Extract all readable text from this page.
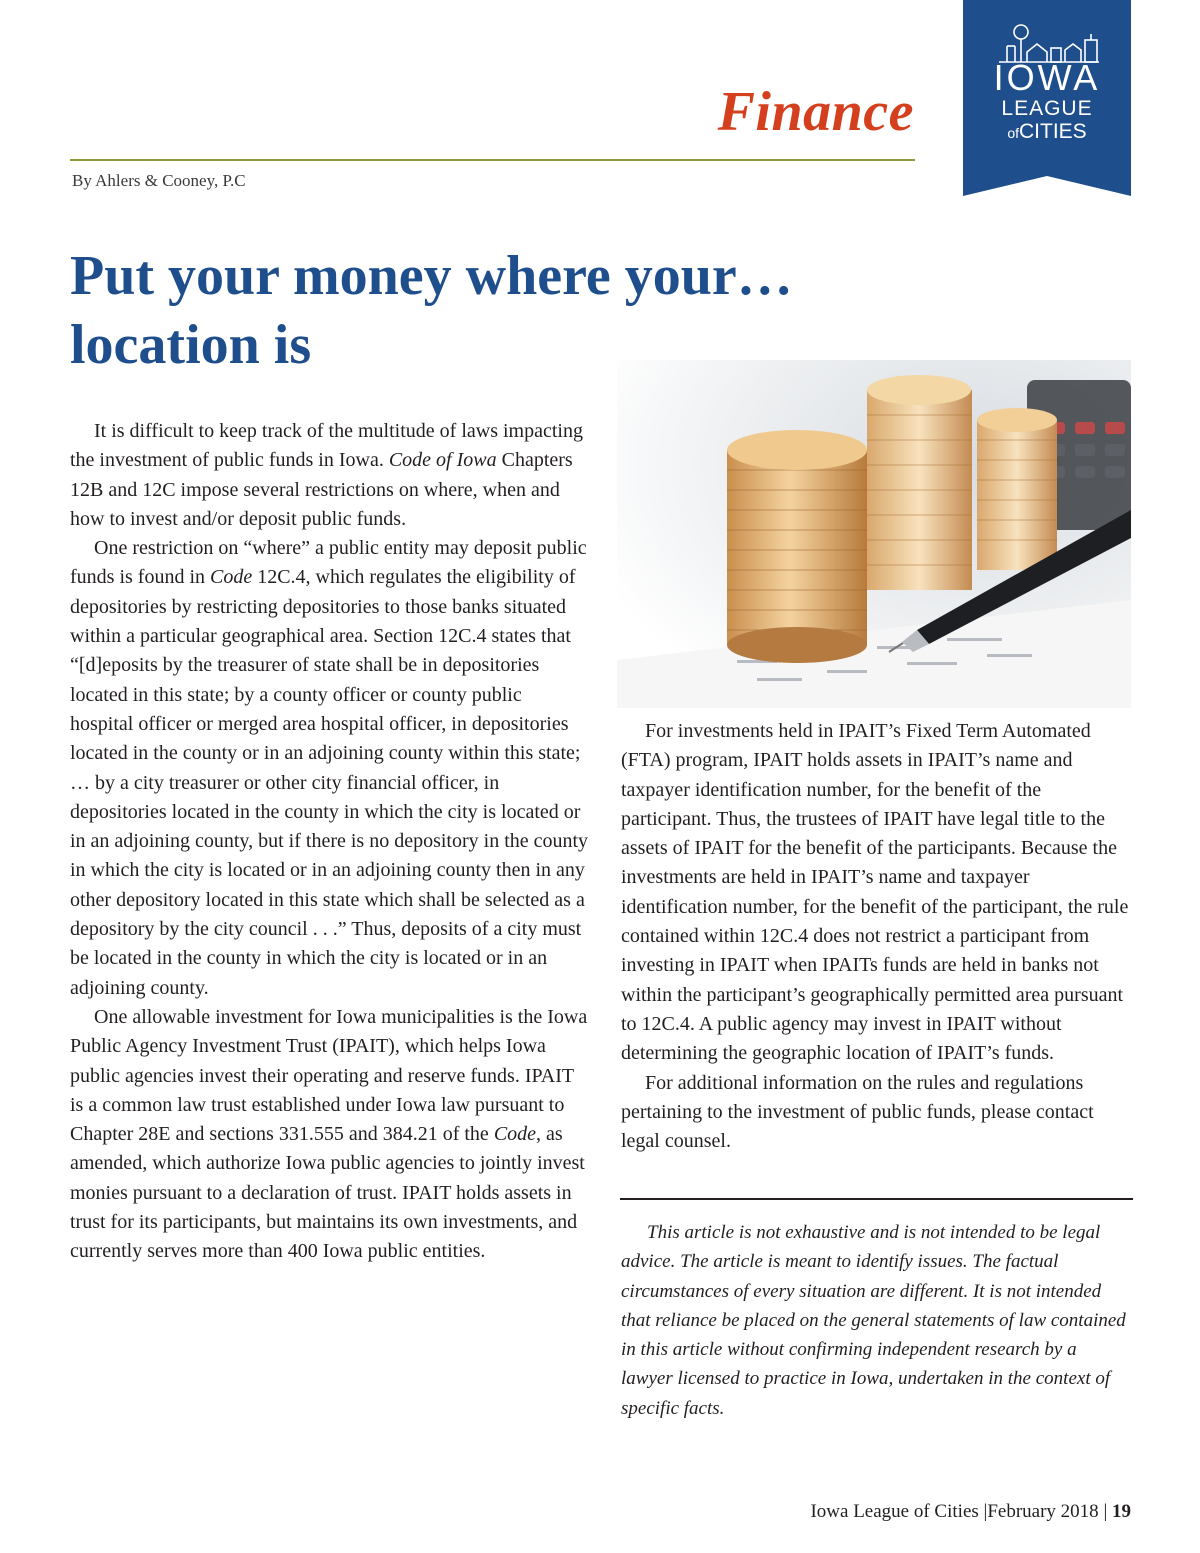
Finance
By Ahlers & Cooney, P.C
IOWA
LEAGUE
ofCITIES
Put your money where your…
location is

It is difficult to keep track of the multitude of laws impacting the investment of public funds in Iowa. Code of Iowa Chapters 12B and 12C impose several restrictions on where, when and how to invest and/or deposit public funds.

One restriction on “where” a public entity may deposit public funds is found in Code 12C.4, which regulates the eligibility of depositories by restricting depositories to those banks situated within a particular geographical area. Section 12C.4 states that “[d]eposits by the treasurer of state shall be in depositories located in this state; by a county officer or county public hospital officer or merged area hospital officer, in depositories located in the county or in an adjoining county within this state; … by a city treasurer or other city financial officer, in depositories located in the county in which the city is located or in an adjoining county, but if there is no depository in the county in which the city is located or in an adjoining county then in any other depository located in this state which shall be selected as a depository by the city council . . .” Thus, deposits of a city must be located in the county in which the city is located or in an adjoining county.

One allowable investment for Iowa municipalities is the Iowa Public Agency Investment Trust (IPAIT), which helps Iowa public agencies invest their operating and reserve funds. IPAIT is a common law trust established under Iowa law pursuant to Chapter 28E and sections 331.555 and 384.21 of the Code, as amended, which authorize Iowa public agencies to jointly invest monies pursuant to a declaration of trust. IPAIT holds assets in trust for its participants, but maintains its own investments, and currently serves more than 400 Iowa public entities.

For investments held in IPAIT’s Fixed Term Automated (FTA) program, IPAIT holds assets in IPAIT’s name and taxpayer identification number, for the benefit of the participant. Thus, the trustees of IPAIT have legal title to the assets of IPAIT for the benefit of the participants. Because the investments are held in IPAIT’s name and taxpayer identification number, for the benefit of the participant, the rule contained within 12C.4 does not restrict a participant from investing in IPAIT when IPAITs funds are held in banks not within the participant’s geographically permitted area pursuant to 12C.4. A public agency may invest in IPAIT without determining the geographic location of IPAIT’s funds.

For additional information on the rules and regulations pertaining to the investment of public funds, please contact legal counsel.

This article is not exhaustive and is not intended to be legal advice. The article is meant to identify issues. The factual circumstances of every situation are different. It is not intended that reliance be placed on the general statements of law contained in this article without confirming independent research by a lawyer licensed to practice in Iowa, undertaken in the context of specific facts.

Iowa League of Cities |February 2018 | 19
